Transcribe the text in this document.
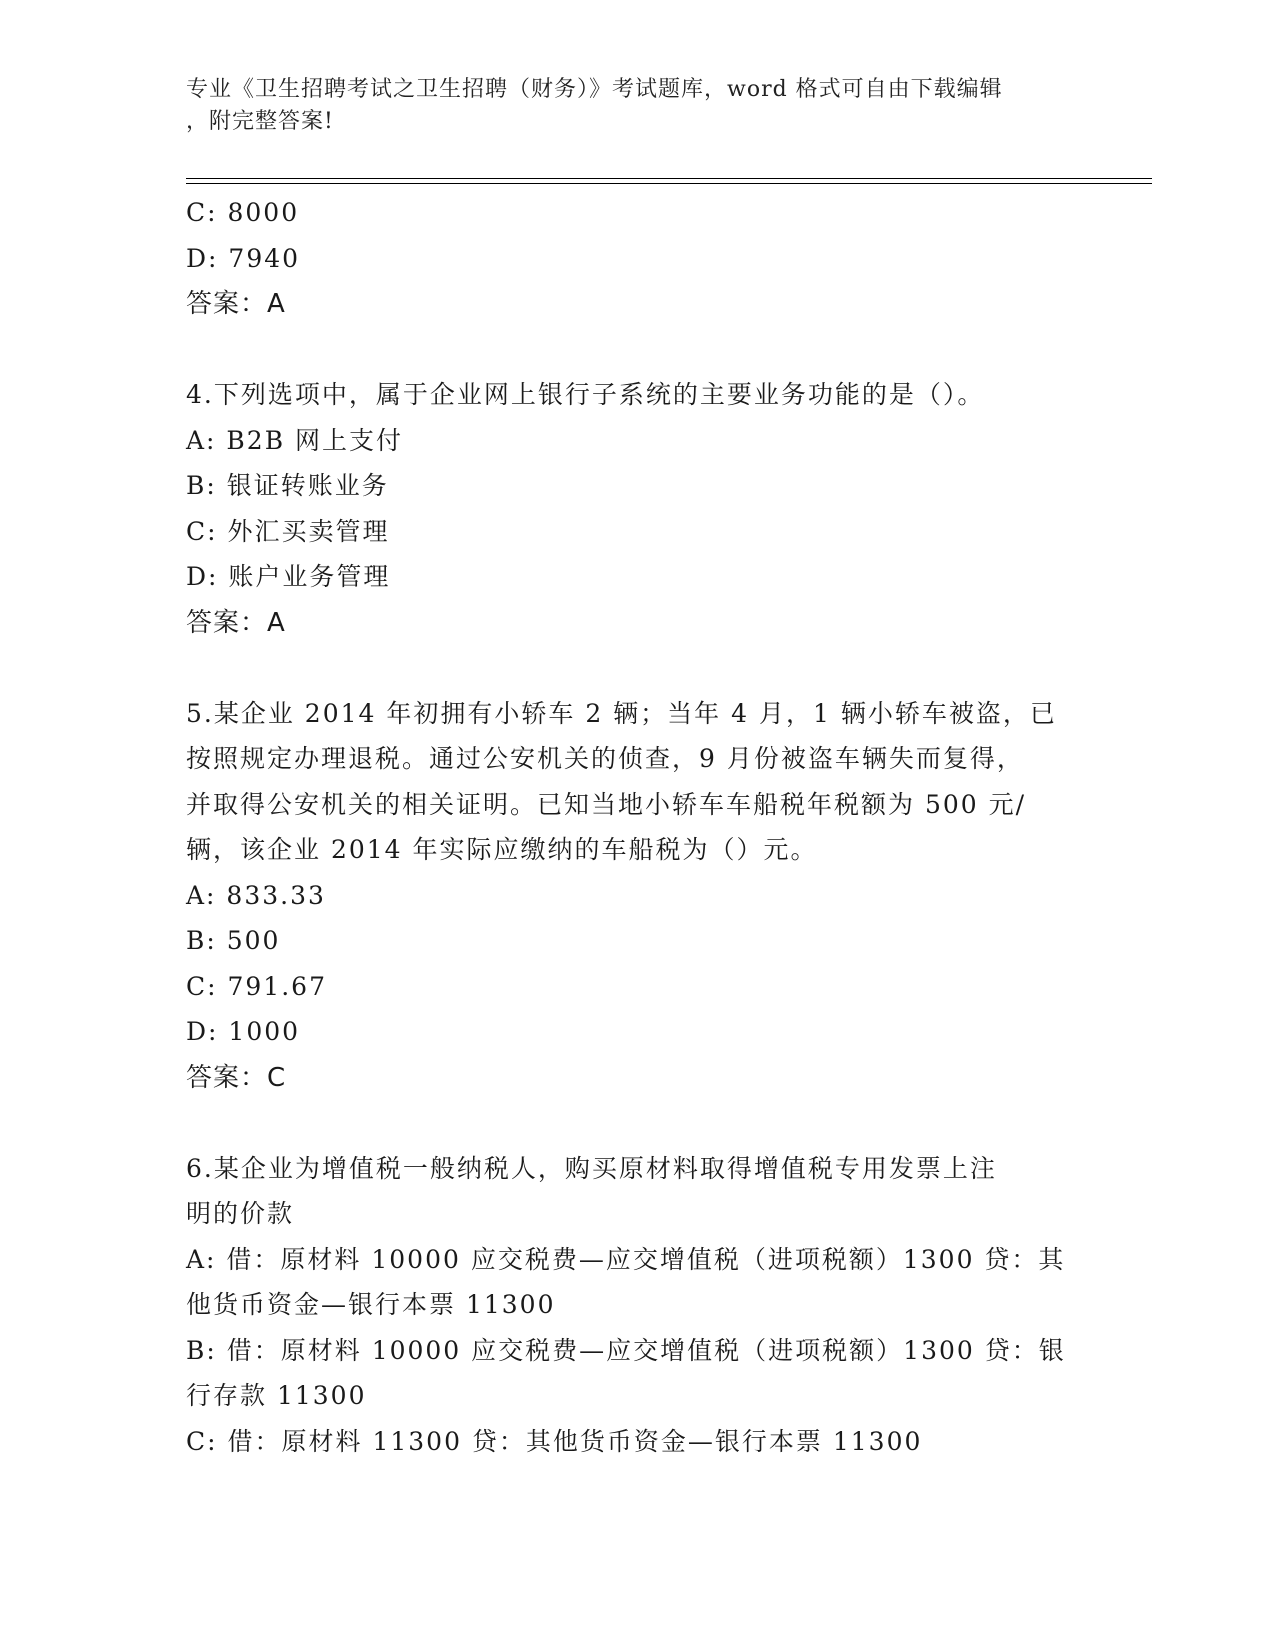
专业《卫生招聘考试之卫生招聘（财务）》考试题库，word 格式可自由下载编辑
，附完整答案!
C: 8000
D: 7940
答案：A
4.下列选项中，属于企业网上银行子系统的主要业务功能的是（）。
A: B2B 网上支付
B: 银证转账业务
C: 外汇买卖管理
D: 账户业务管理
答案：A
5.某企业 2014 年初拥有小轿车 2 辆；当年 4 月，1 辆小轿车被盗，已
按照规定办理退税。通过公安机关的侦查，9 月份被盗车辆失而复得，
并取得公安机关的相关证明。已知当地小轿车车船税年税额为 500 元/
辆，该企业 2014 年实际应缴纳的车船税为（）元。
A: 833.33
B: 500
C: 791.67
D: 1000
答案：C
6.某企业为增值税一般纳税人，购买原材料取得增值税专用发票上注
明的价款
A: 借：原材料 10000 应交税费—应交增值税（进项税额）1300 贷：其
他货币资金—银行本票 11300
B: 借：原材料 10000 应交税费—应交增值税（进项税额）1300 贷：银
行存款 11300
C: 借：原材料 11300 贷：其他货币资金—银行本票 11300
